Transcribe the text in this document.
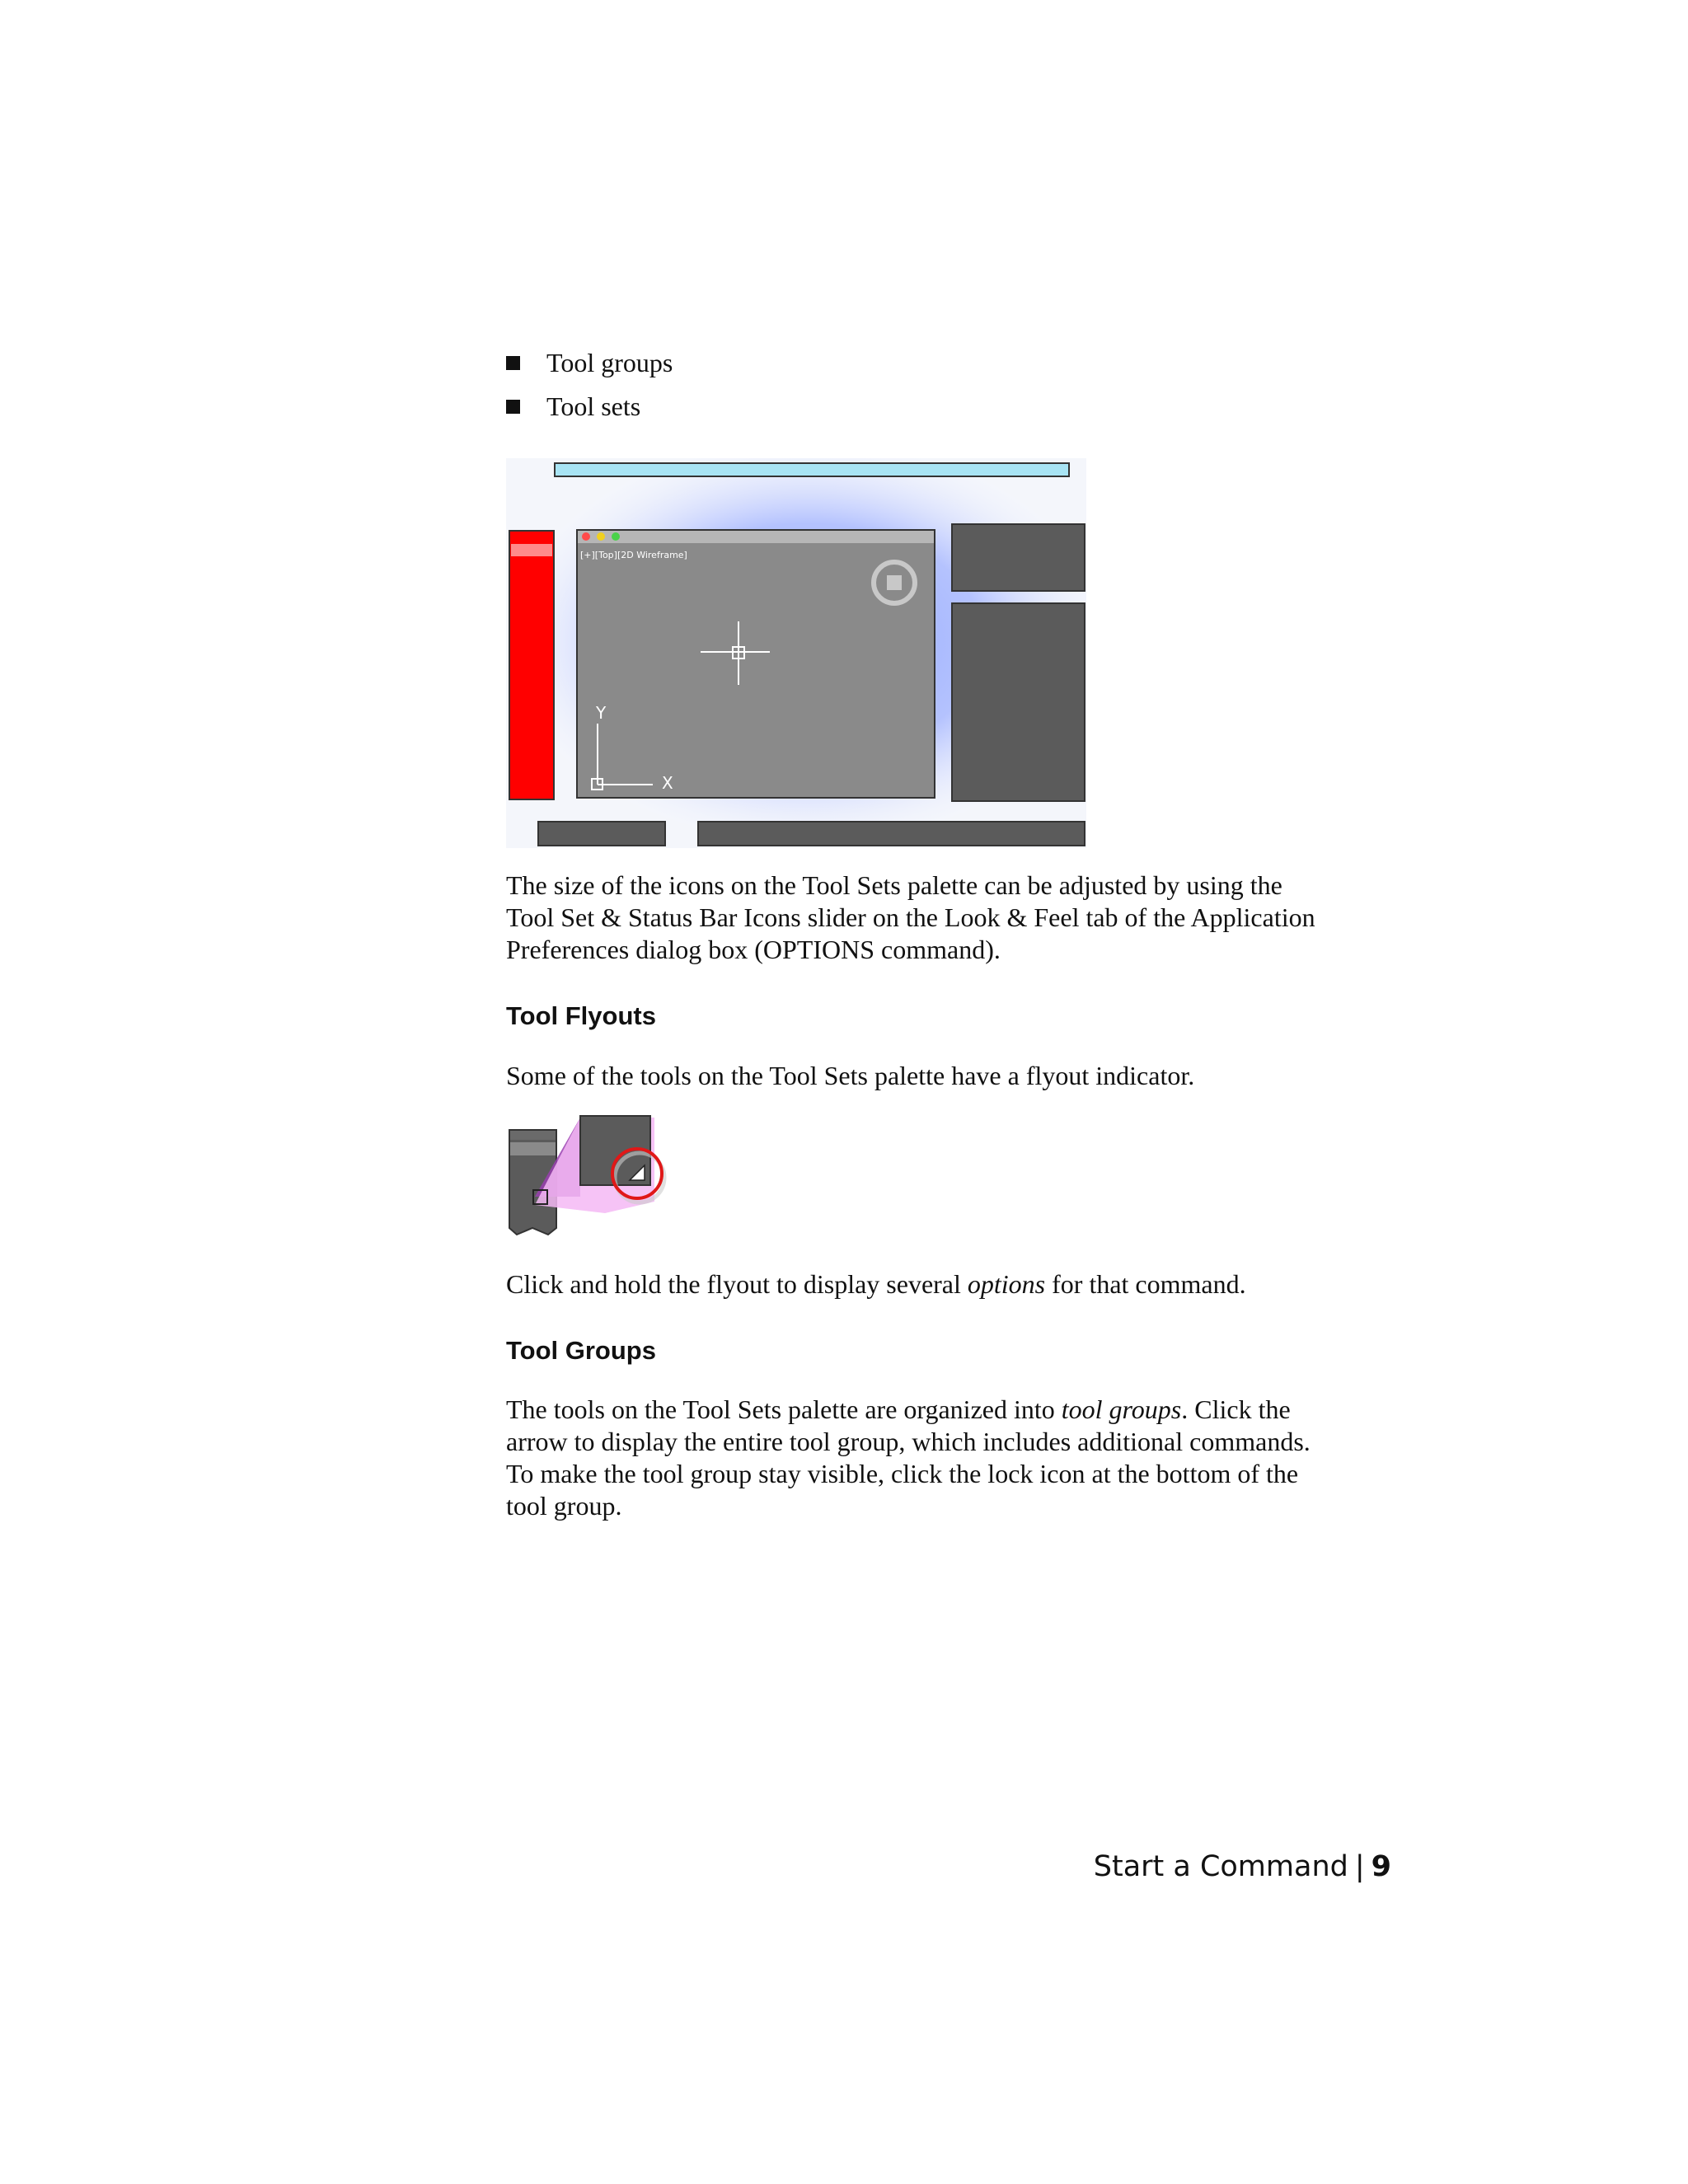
Tool groups
Tool sets
[+][Top][2D Wireframe]
Y
X

The size of the icons on the Tool Sets palette can be adjusted by using the
Tool Set & Status Bar Icons slider on the Look & Feel tab of the Application
Preferences dialog box (OPTIONS command).

Tool Flyouts

Some of the tools on the Tool Sets palette have a flyout indicator.

Click and hold the flyout to display several options for that command.

Tool Groups

The tools on the Tool Sets palette are organized into tool groups. Click the
arrow to display the entire tool group, which includes additional commands.
To make the tool group stay visible, click the lock icon at the bottom of the
tool group.

Start a Command | 9
